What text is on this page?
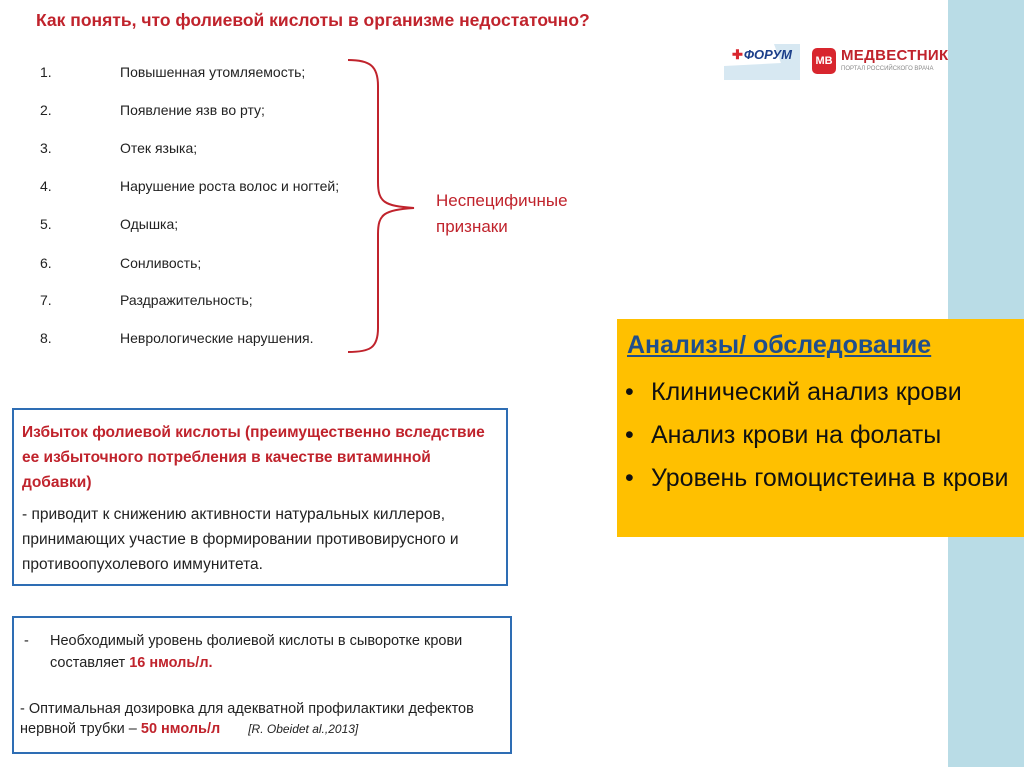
Как понять, что фолиевой кислоты в организме недостаточно?
✚ФОРУМ	МВ МЕДВЕСТНИК
ПОРТАЛ РОССИЙСКОГО ВРАЧА
1.	Повышенная утомляемость;
2.	Появление язв во рту;
3.	Отек языка;
4.	Нарушение роста волос и ногтей;
5.	Одышка;
6.	Сонливость;
7.	Раздражительность;
8.	Неврологические нарушения.
Неспецифичные
признаки
Избыток фолиевой кислоты (преимущественно вследствие ее избыточного потребления в качестве витаминной добавки)
- приводит к снижению активности натуральных киллеров, принимающих участие в формировании противовирусного и противоопухолевого иммунитета.
- Необходимый уровень фолиевой кислоты в сыворотке крови составляет 16 нмоль/л.
- Оптимальная дозировка для адекватной профилактики дефектов
нервной трубки – 50 нмоль/л [R. Obeidet al.,2013]
Анализы/ обследование
• Клинический анализ крови
• Анализ крови на фолаты
• Уровень гомоцистеина в крови
